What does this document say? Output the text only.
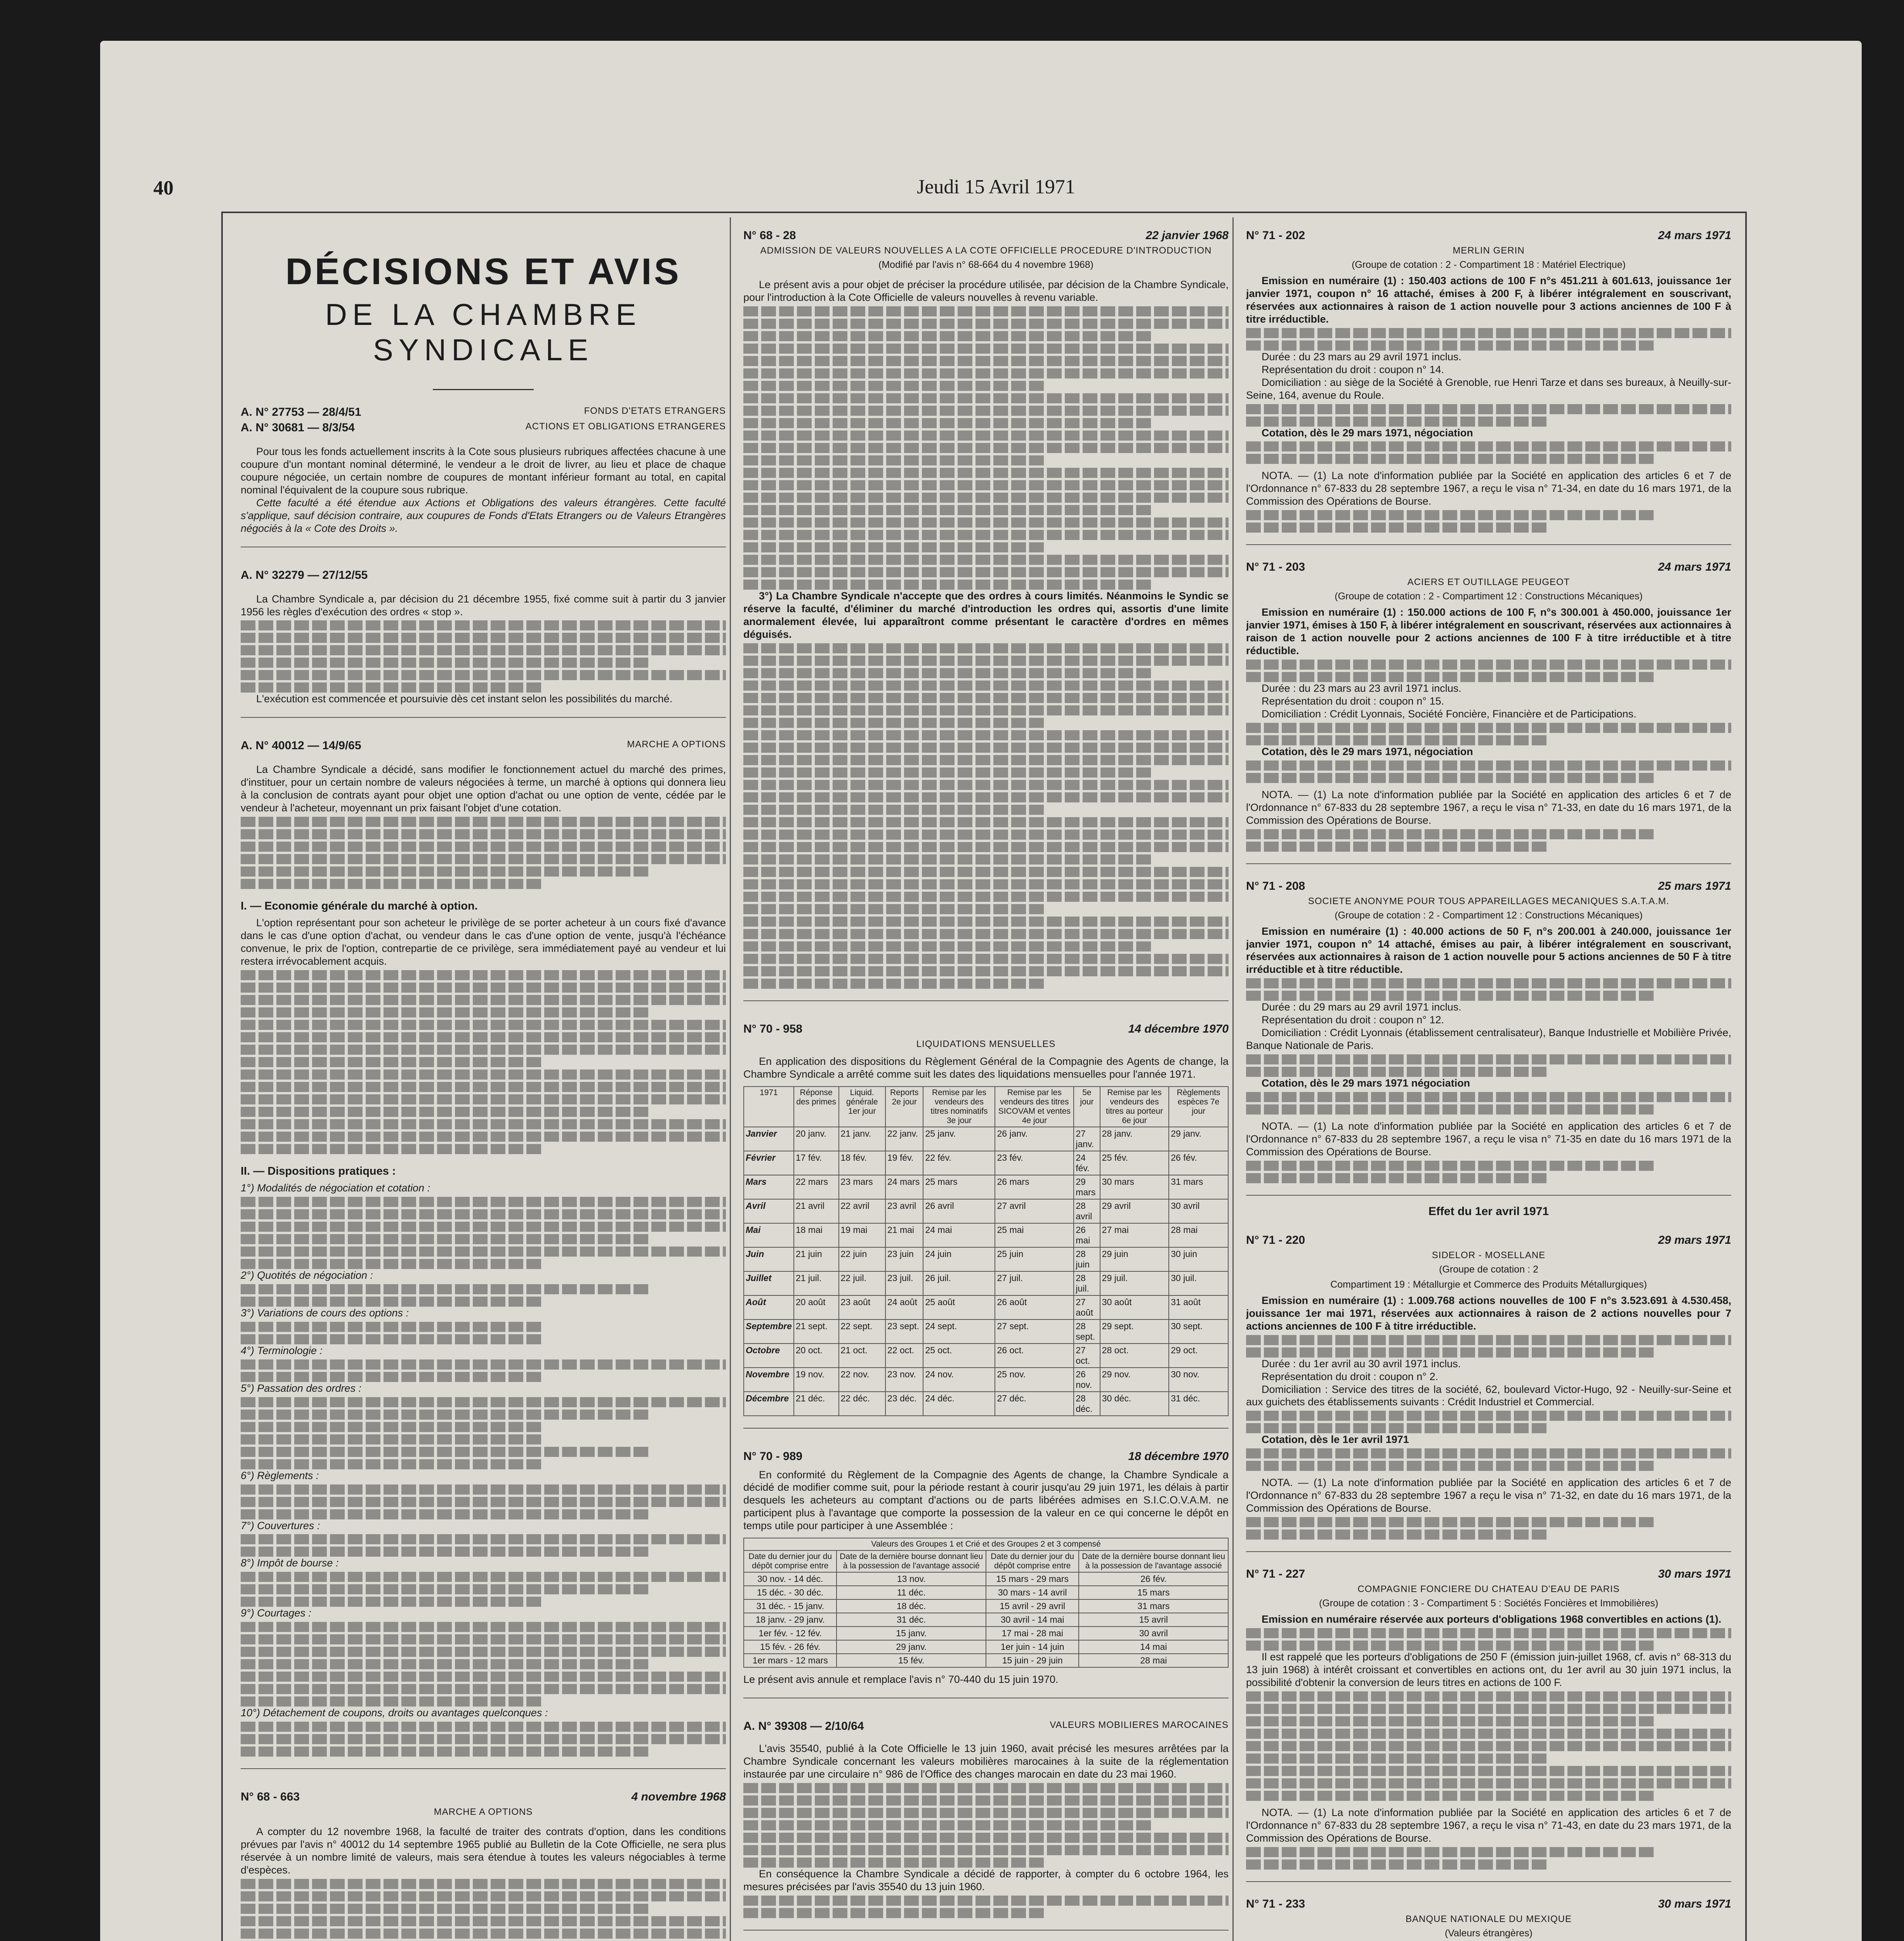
40	Jeudi 15 Avril 1971
DÉCISIONS ET AVIS
DE LA CHAMBRE SYNDICALE
A. N° 27753 — 28/4/51	FONDS D'ETATS ETRANGERS
A. N° 30681 — 8/3/54	ACTIONS ET OBLIGATIONS ETRANGERES

Pour tous les fonds actuellement inscrits à la Cote sous plusieurs rubriques affectées chacune à une coupure d'un montant nominal déterminé, le vendeur a le droit de livrer, au lieu et place de chaque coupure négociée, un certain nombre de coupures de montant inférieur formant au total, en capital nominal l'équivalent de la coupure sous rubrique.

Cette faculté a été étendue aux Actions et Obligations des valeurs étrangères. Cette faculté s'applique, sauf décision contraire, aux coupures de Fonds d'Etats Etrangers ou de Valeurs Etrangères négociés à la « Cote des Droits ».

A. N° 32279 — 27/12/55

La Chambre Syndicale a, par décision du 21 décembre 1955, fixé comme suit à partir du 3 janvier 1956 les règles d'exécution des ordres « stop ».

L'exécution est commencée et poursuivie dès cet instant selon les possibilités du marché.

A. N° 40012 — 14/9/65	MARCHE A OPTIONS

La Chambre Syndicale a décidé, sans modifier le fonctionnement actuel du marché des primes, d'instituer, pour un certain nombre de valeurs négociées à terme, un marché à options qui donnera lieu à la conclusion de contrats ayant pour objet une option d'achat ou une option de vente, cédée par le vendeur à l'acheteur, moyennant un prix faisant l'objet d'une cotation.

I. — Economie générale du marché à option.

L'option représentant pour son acheteur le privilège de se porter acheteur à un cours fixé d'avance dans le cas d'une option d'achat, ou vendeur dans le cas d'une option de vente, jusqu'à l'échéance convenue, le prix de l'option, contrepartie de ce privilège, sera immédiatement payé au vendeur et lui restera irrévocablement acquis.

II. — Dispositions pratiques :

1°) Modalités de négociation et cotation :

2°) Quotités de négociation :

3°) Variations de cours des options :

4°) Terminologie :

5°) Passation des ordres :

6°) Règlements :

7°) Couvertures :

8°) Impôt de bourse :

9°) Courtages :

10°) Détachement de coupons, droits ou avantages quelconques :

N° 68 - 663	4 novembre 1968
MARCHE A OPTIONS

A compter du 12 novembre 1968, la faculté de traiter des contrats d'option, dans les conditions prévues par l'avis n° 40012 du 14 septembre 1965 publié au Bulletin de la Cote Officielle, ne sera plus réservée à un nombre limité de valeurs, mais sera étendue à toutes les valeurs négociables à terme d'espèces.

N° 68 - 28	22 janvier 1968
ADMISSION DE VALEURS NOUVELLES A LA COTE OFFICIELLE PROCEDURE D'INTRODUCTION
(Modifié par l'avis n° 68-664 du 4 novembre 1968)

Le présent avis a pour objet de préciser la procédure utilisée, par décision de la Chambre Syndicale, pour l'introduction à la Cote Officielle de valeurs nouvelles à revenu variable.

3°) La Chambre Syndicale n'accepte que des ordres à cours limités. Néanmoins le Syndic se réserve la faculté, d'éliminer du marché d'introduction les ordres qui, assortis d'une limite anormalement élevée, lui apparaîtront comme présentant le caractère d'ordres en mêmes déguisés.

N° 70 - 958	14 décembre 1970
LIQUIDATIONS MENSUELLES

En application des dispositions du Règlement Général de la Compagnie des Agents de change, la Chambre Syndicale a arrêté comme suit les dates des liquidations mensuelles pour l'année 1971.

1971	Réponse des primes	Liquid. générale 1er jour	Reports 2e jour	Remise par les vendeurs des titres nominatifs 3e jour	Remise par les vendeurs des titres SICOVAM et ventes 4e jour	5e jour	Remise par les vendeurs des titres au porteur 6e jour	Règlements espèces 7e jour
Janvier	20 janv.	21 janv.	22 janv.	25 janv.	26 janv.	27 janv.	28 janv.	29 janv.
Février	17 fév.	18 fév.	19 fév.	22 fév.	23 fév.	24 fév.	25 fév.	26 fév.
Mars	22 mars	23 mars	24 mars	25 mars	26 mars	29 mars	30 mars	31 mars
Avril	21 avril	22 avril	23 avril	26 avril	27 avril	28 avril	29 avril	30 avril
Mai	18 mai	19 mai	21 mai	24 mai	25 mai	26 mai	27 mai	28 mai
Juin	21 juin	22 juin	23 juin	24 juin	25 juin	28 juin	29 juin	30 juin
Juillet	21 juil.	22 juil.	23 juil.	26 juil.	27 juil.	28 juil.	29 juil.	30 juil.
Août	20 août	23 août	24 août	25 août	26 août	27 août	30 août	31 août
Septembre	21 sept.	22 sept.	23 sept.	24 sept.	27 sept.	28 sept.	29 sept.	30 sept.
Octobre	20 oct.	21 oct.	22 oct.	25 oct.	26 oct.	27 oct.	28 oct.	29 oct.
Novembre	19 nov.	22 nov.	23 nov.	24 nov.	25 nov.	26 nov.	29 nov.	30 nov.
Décembre	21 déc.	22 déc.	23 déc.	24 déc.	27 déc.	28 déc.	30 déc.	31 déc.
N° 70 - 989	18 décembre 1970

En conformité du Règlement de la Compagnie des Agents de change, la Chambre Syndicale a décidé de modifier comme suit, pour la période restant à courir jusqu'au 29 juin 1971, les délais à partir desquels les acheteurs au comptant d'actions ou de parts libérées admises en S.I.C.O.V.A.M. ne participent plus à l'avantage que comporte la possession de la valeur en ce qui concerne le dépôt en temps utile pour participer à une Assemblée :

Valeurs des Groupes 1 et Crié et des Groupes 2 et 3 compensé			
Date du dernier jour du dépôt comprise entre	Date de la dernière bourse donnant lieu à la possession de l'avantage associé	Date du dernier jour du dépôt comprise entre	Date de la dernière bourse donnant lieu à la possession de l'avantage associé
30 nov. - 14 déc.	13 nov.	15 mars - 29 mars	26 fév.
15 déc. - 30 déc.	11 déc.	30 mars - 14 avril	15 mars
31 déc. - 15 janv.	18 déc.	15 avril - 29 avril	31 mars
18 janv. - 29 janv.	31 déc.	30 avril - 14 mai	15 avril
1er fév. - 12 fév.	15 janv.	17 mai - 28 mai	30 avril
15 fév. - 26 fév.	29 janv.	1er juin - 14 juin	14 mai
1er mars - 12 mars	15 fév.	15 juin - 29 juin	28 mai

Le présent avis annule et remplace l'avis n° 70-440 du 15 juin 1970.

A. N° 39308 — 2/10/64	VALEURS MOBILIERES MAROCAINES

L'avis 35540, publié à la Cote Officielle le 13 juin 1960, avait précisé les mesures arrêtées par la Chambre Syndicale concernant les valeurs mobilières marocaines à la suite de la réglementation instaurée par une circulaire n° 986 de l'Office des changes marocain en date du 23 mai 1960.

En conséquence la Chambre Syndicale a décidé de rapporter, à compter du 6 octobre 1964, les mesures précisées par l'avis 35540 du 13 juin 1960.

N° 71 - 202	24 mars 1971
MERLIN GERIN
(Groupe de cotation : 2 - Compartiment 18 : Matériel Electrique)

Emission en numéraire (1) : 150.403 actions de 100 F n°s 451.211 à 601.613, jouissance 1er janvier 1971, coupon n° 16 attaché, émises à 200 F, à libérer intégralement en souscrivant, réservées aux actionnaires à raison de 1 action nouvelle pour 3 actions anciennes de 100 F à titre irréductible.

Durée : du 23 mars au 29 avril 1971 inclus.

Représentation du droit : coupon n° 14.

Domiciliation : au siège de la Société à Grenoble, rue Henri Tarze et dans ses bureaux, à Neuilly-sur-Seine, 164, avenue du Roule.

Cotation, dès le 29 mars 1971, négociation

NOTA. — (1) La note d'information publiée par la Société en application des articles 6 et 7 de l'Ordonnance n° 67-833 du 28 septembre 1967, a reçu le visa n° 71-34, en date du 16 mars 1971, de la Commission des Opérations de Bourse.

N° 71 - 203	24 mars 1971
ACIERS ET OUTILLAGE PEUGEOT
(Groupe de cotation : 2 - Compartiment 12 : Constructions Mécaniques)

Emission en numéraire (1) : 150.000 actions de 100 F, n°s 300.001 à 450.000, jouissance 1er janvier 1971, émises à 150 F, à libérer intégralement en souscrivant, réservées aux actionnaires à raison de 1 action nouvelle pour 2 actions anciennes de 100 F à titre irréductible et à titre réductible.

Durée : du 23 mars au 23 avril 1971 inclus.

Représentation du droit : coupon n° 15.

Domiciliation : Crédit Lyonnais, Société Foncière, Financière et de Participations.

Cotation, dès le 29 mars 1971, négociation

NOTA. — (1) La note d'information publiée par la Société en application des articles 6 et 7 de l'Ordonnance n° 67-833 du 28 septembre 1967, a reçu le visa n° 71-33, en date du 16 mars 1971, de la Commission des Opérations de Bourse.

N° 71 - 208	25 mars 1971
SOCIETE ANONYME POUR TOUS APPAREILLAGES MECANIQUES S.A.T.A.M.
(Groupe de cotation : 2 - Compartiment 12 : Constructions Mécaniques)

Emission en numéraire (1) : 40.000 actions de 50 F, n°s 200.001 à 240.000, jouissance 1er janvier 1971, coupon n° 14 attaché, émises au pair, à libérer intégralement en souscrivant, réservées aux actionnaires à raison de 1 action nouvelle pour 5 actions anciennes de 50 F à titre irréductible et à titre réductible.

Durée : du 29 mars au 29 avril 1971 inclus.

Représentation du droit : coupon n° 12.

Domiciliation : Crédit Lyonnais (établissement centralisateur), Banque Industrielle et Mobilière Privée, Banque Nationale de Paris.

Cotation, dès le 29 mars 1971 négociation

NOTA. — (1) La note d'information publiée par la Société en application des articles 6 et 7 de l'Ordonnance n° 67-833 du 28 septembre 1967, a reçu le visa n° 71-35 en date du 16 mars 1971 de la Commission des Opérations de Bourse.

Effet du 1er avril 1971
N° 71 - 220	29 mars 1971
SIDELOR - MOSELLANE
(Groupe de cotation : 2
Compartiment 19 : Métallurgie et Commerce des Produits Métallurgiques)

Emission en numéraire (1) : 1.009.768 actions nouvelles de 100 F n°s 3.523.691 à 4.530.458, jouissance 1er mai 1971, réservées aux actionnaires à raison de 2 actions nouvelles pour 7 actions anciennes de 100 F à titre irréductible.

Durée : du 1er avril au 30 avril 1971 inclus.

Représentation du droit : coupon n° 2.

Domiciliation : Service des titres de la société, 62, boulevard Victor-Hugo, 92 - Neuilly-sur-Seine et aux guichets des établissements suivants : Crédit Industriel et Commercial.

Cotation, dès le 1er avril 1971

NOTA. — (1) La note d'information publiée par la Société en application des articles 6 et 7 de l'Ordonnance n° 67-833 du 28 septembre 1967 a reçu le visa n° 71-32, en date du 16 mars 1971, de la Commission des Opérations de Bourse.

N° 71 - 227	30 mars 1971
COMPAGNIE FONCIERE DU CHATEAU D'EAU DE PARIS
(Groupe de cotation : 3 - Compartiment 5 : Sociétés Foncières et Immobilières)

Emission en numéraire réservée aux porteurs d'obligations 1968 convertibles en actions (1).

Il est rappelé que les porteurs d'obligations de 250 F (émission juin-juillet 1968, cf. avis n° 68-313 du 13 juin 1968) à intérêt croissant et convertibles en actions ont, du 1er avril au 30 juin 1971 inclus, la possibilité d'obtenir la conversion de leurs titres en actions de 100 F.

NOTA. — (1) La note d'information publiée par la Société en application des articles 6 et 7 de l'Ordonnance n° 67-833 du 28 septembre 1967, a reçu le visa n° 71-43, en date du 23 mars 1971, de la Commission des Opérations de Bourse.

N° 71 - 233	30 mars 1971
BANQUE NATIONALE DU MEXIQUE
(Valeurs étrangères)
